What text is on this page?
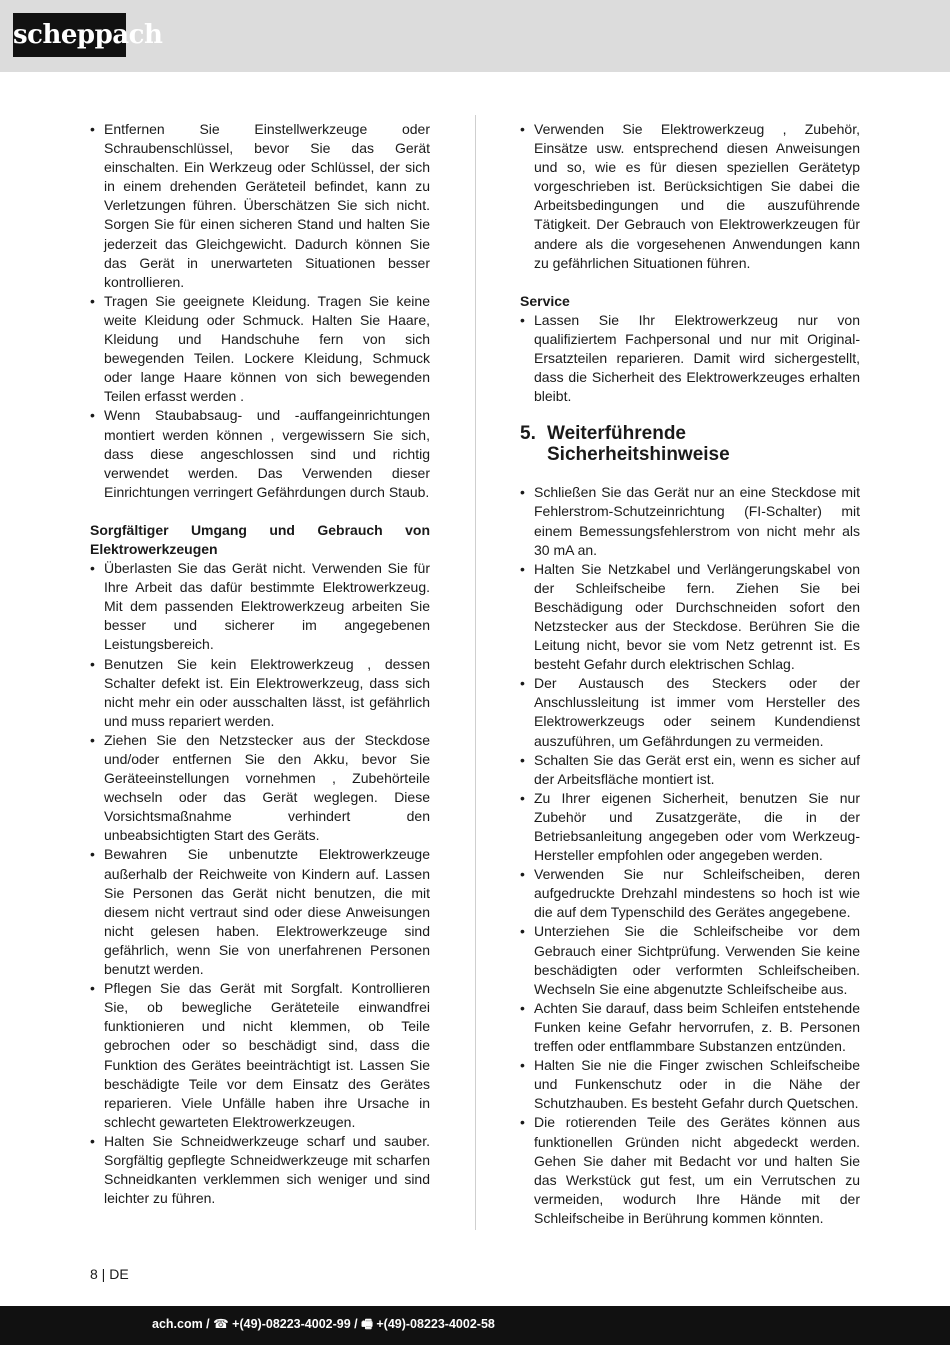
scheppach
• Entfernen Sie Einstellwerkzeuge oder Schraubenschlüssel, bevor Sie das Gerät einschalten. Ein Werkzeug oder Schlüssel, der sich in einem drehenden Geräteteil befindet, kann zu Verletzungen führen. Überschätzen Sie sich nicht. Sorgen Sie für einen sicheren Stand und halten Sie jederzeit das Gleichgewicht. Dadurch können Sie das Gerät in unerwarteten Situationen besser kontrollieren.
• Tragen Sie geeignete Kleidung. Tragen Sie keine weite Kleidung oder Schmuck. Halten Sie Haare, Kleidung und Handschuhe fern von sich bewegenden Teilen. Lockere Kleidung, Schmuck oder lange Haare können von sich bewegenden Teilen erfasst werden .
• Wenn Staubabsaug- und -auffangeinrichtungen montiert werden können , vergewissern Sie sich, dass diese angeschlossen sind und richtig verwendet werden. Das Verwenden dieser Einrichtungen verringert Gefährdungen durch Staub.

Sorgfältiger Umgang und Gebrauch von Elektrowerkzeugen

• Überlasten Sie das Gerät nicht. Verwenden Sie für Ihre Arbeit das dafür bestimmte Elektrowerkzeug. Mit dem passenden Elektrowerkzeug arbeiten Sie besser und sicherer im angegebenen Leistungsbereich.
• Benutzen Sie kein Elektrowerkzeug , dessen Schalter defekt ist. Ein Elektrowerkzeug, dass sich nicht mehr ein oder ausschalten lässt, ist gefährlich und muss repariert werden.
• Ziehen Sie den Netzstecker aus der Steckdose und/oder entfernen Sie den Akku, bevor Sie Geräteeinstellungen vornehmen , Zubehörteile wechseln oder das Gerät weglegen. Diese Vorsichtsmaßnahme verhindert den unbeabsichtigten Start des Geräts.
• Bewahren Sie unbenutzte Elektrowerkzeuge außerhalb der Reichweite von Kindern auf. Lassen Sie Personen das Gerät nicht benutzen, die mit diesem nicht vertraut sind oder diese Anweisungen nicht gelesen haben. Elektrowerkzeuge sind gefährlich, wenn Sie von unerfahrenen Personen benutzt werden.
• Pflegen Sie das Gerät mit Sorgfalt. Kontrollieren Sie, ob bewegliche Geräteteile einwandfrei funktionieren und nicht klemmen, ob Teile gebrochen oder so beschädigt sind, dass die Funktion des Gerätes beeinträchtigt ist. Lassen Sie beschädigte Teile vor dem Einsatz des Gerätes reparieren. Viele Unfälle haben ihre Ursache in schlecht gewarteten Elektrowerkzeugen.
• Halten Sie Schneidwerkzeuge scharf und sauber. Sorgfältig gepflegte Schneidwerkzeuge mit scharfen Schneidkanten verklemmen sich weniger und sind leichter zu führen.
• Verwenden Sie Elektrowerkzeug , Zubehör, Einsätze usw. entsprechend diesen Anweisungen und so, wie es für diesen speziellen Gerätetyp vorgeschrieben ist. Berücksichtigen Sie dabei die Arbeitsbedingungen und die auszuführende Tätigkeit. Der Gebrauch von Elektrowerkzeugen für andere als die vorgesehenen Anwendungen kann zu gefährlichen Situationen führen.

Service

• Lassen Sie Ihr Elektrowerkzeug nur von qualifiziertem Fachpersonal und nur mit Original-Ersatzteilen reparieren. Damit wird sichergestellt, dass die Sicherheit des Elektrowerkzeuges erhalten bleibt.
5. Weiterführende Sicherheitshinweise
• Schließen Sie das Gerät nur an eine Steckdose mit Fehlerstrom-Schutzeinrichtung (FI-Schalter) mit einem Bemessungsfehlerstrom von nicht mehr als 30 mA an.
• Halten Sie Netzkabel und Verlängerungskabel von der Schleifscheibe fern. Ziehen Sie bei Beschädigung oder Durchschneiden sofort den Netzstecker aus der Steckdose. Berühren Sie die Leitung nicht, bevor sie vom Netz getrennt ist. Es besteht Gefahr durch elektrischen Schlag.
• Der Austausch des Steckers oder der Anschlussleitung ist immer vom Hersteller des Elektrowerkzeugs oder seinem Kundendienst auszuführen, um Gefährdungen zu vermeiden.
• Schalten Sie das Gerät erst ein, wenn es sicher auf der Arbeitsfläche montiert ist.
• Zu Ihrer eigenen Sicherheit, benutzen Sie nur Zubehör und Zusatzgeräte, die in der Betriebsanleitung angegeben oder vom Werkzeug-Hersteller empfohlen oder angegeben werden.
• Verwenden Sie nur Schleifscheiben, deren aufgedruckte Drehzahl mindestens so hoch ist wie die auf dem Typenschild des Gerätes angegebene.
• Unterziehen Sie die Schleifscheibe vor dem Gebrauch einer Sichtprüfung. Verwenden Sie keine beschädigten oder verformten Schleifscheiben. Wechseln Sie eine abgenutzte Schleifscheibe aus.
• Achten Sie darauf, dass beim Schleifen entstehende Funken keine Gefahr hervorrufen, z. B. Personen treffen oder entflammbare Substanzen entzünden.
• Halten Sie nie die Finger zwischen Schleifscheibe und Funkenschutz oder in die Nähe der Schutzhauben. Es besteht Gefahr durch Quetschen.
• Die rotierenden Teile des Gerätes können aus funktionellen Gründen nicht abgedeckt werden. Gehen Sie daher mit Bedacht vor und halten Sie das Werkstück gut fest, um ein Verrutschen zu vermeiden, wodurch Ihre Hände mit der Schleifscheibe in Berührung kommen könnten.
8 | DE
ach.com / ☎ +(49)-08223-4002-99 / 🖷 +(49)-08223-4002-58
